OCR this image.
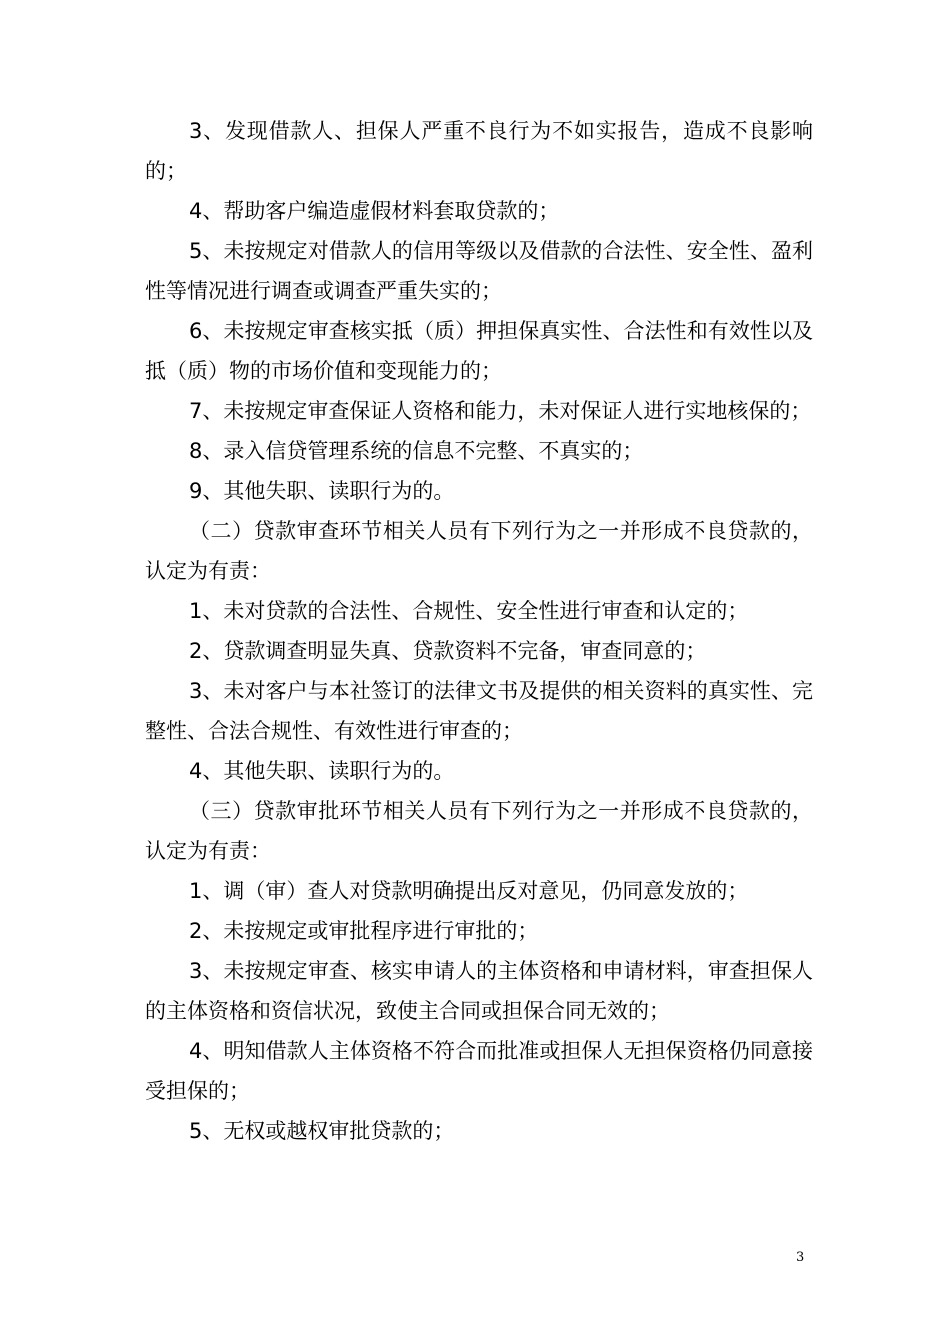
3、发现借款人、担保人严重不良行为不如实报告，造成不良影响的；

4、帮助客户编造虚假材料套取贷款的；

5、未按规定对借款人的信用等级以及借款的合法性、安全性、盈利性等情况进行调查或调查严重失实的；

6、未按规定审查核实抵（质）押担保真实性、合法性和有效性以及抵（质）物的市场价值和变现能力的；

7、未按规定审查保证人资格和能力，未对保证人进行实地核保的；

8、录入信贷管理系统的信息不完整、不真实的；

9、其他失职、读职行为的。

（二）贷款审查环节相关人员有下列行为之一并形成不良贷款的，认定为有责：

1、未对贷款的合法性、合规性、安全性进行审查和认定的；

2、贷款调查明显失真、贷款资料不完备，审查同意的；

3、未对客户与本社签订的法律文书及提供的相关资料的真实性、完整性、合法合规性、有效性进行审查的；

4、其他失职、读职行为的。

（三）贷款审批环节相关人员有下列行为之一并形成不良贷款的，认定为有责：

1、调（审）查人对贷款明确提出反对意见，仍同意发放的；

2、未按规定或审批程序进行审批的；

3、未按规定审查、核实申请人的主体资格和申请材料，审查担保人的主体资格和资信状况，致使主合同或担保合同无效的；

4、明知借款人主体资格不符合而批准或担保人无担保资格仍同意接受担保的；

5、无权或越权审批贷款的；

3
